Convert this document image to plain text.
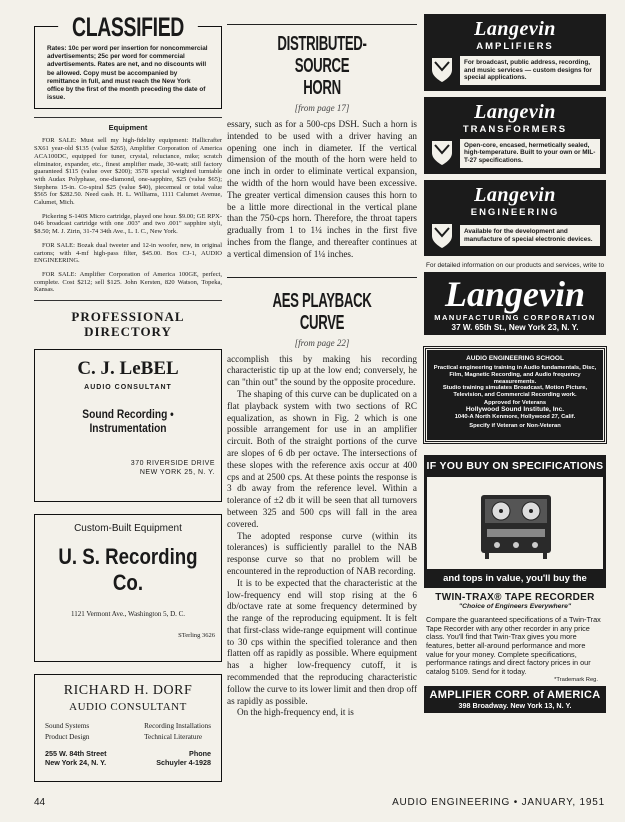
CLASSIFIED
Rates: 10c per word per insertion for noncommercial advertisements; 25c per word for commercial advertisements. Rates are net, and no discounts will be allowed. Copy must be accompanied by remittance in full, and must reach the New York office by the first of the month preceding the date of issue.
Equipment

FOR SALE: Must sell my high-fidelity equipment: Hallicrafter SX61 year-old $135 (value $265), Amplifier Corporation of America ACA100DC, equipped for tuner, crystal, reluctance, mike; scratch eliminator, expander, etc., finest amplifier made, 30-watt; still factory guaranteed $115 (value over $200); 3578 special weighted turntable with Audax Polyphase, one-diamond, one-sapphire, $25 (value $65); Stephens 15-in. Co-spiral $25 (value $40), piecemeal or total value $565 for $282.50. Need cash. H. L. Williams, 1111 Calumet Avenue, Calumet, Mich.

Pickering S-140S Micro cartridge, played one hour. $9.00; GE RPX-046 broadcast cartridge with one .003" and two .001" sapphire styli, $8.50; M. J. Zirin, 31-74 34th Ave., L. I. C., New York.

FOR SALE: Bozak dual tweeter and 12-in woofer, new, in original cartons; with 4-mf high-pass filter, $45.00. Box CJ-1, AUDIO ENGINEERING.

FOR SALE: Amplifier Corporation of America 100GE, perfect, complete. Cost $212; sell $125. John Kersten, 820 Watson, Topeka, Kansas.

PROFESSIONAL
DIRECTORY
C. J. LeBEL
AUDIO CONSULTANT
Sound Recording • Instrumentation
370 RIVERSIDE DRIVE
NEW YORK 25, N. Y.
Custom-Built Equipment
U. S. Recording Co.
1121 Vermont Ave., Washington 5, D. C.
STerling 3626
RICHARD H. DORF
AUDIO CONSULTANT
Sound Systems
Product Design
Recording Installations
Technical Literature
255 W. 84th Street
New York 24, N. Y.
Phone
Schuyler 4-1928
DISTRIBUTED-SOURCE
HORN
[from page 17]

essary, such as for a 500-cps DSH. Such a horn is intended to be used with a driver having an opening one inch in diameter. If the vertical dimension of the mouth of the horn were held to one inch in order to eliminate vertical expansion, the width of the horn would have been excessive. The greater vertical dimension causes this horn to be a little more directional in the vertical plane than the 750-cps horn. Therefore, the throat tapers gradually from 1 to 1¼ inches in the first five inches from the flange, and thereafter continues at a vertical dimension of 1¼ inches.

AES PLAYBACK
CURVE
[from page 22]

accomplish this by making his recording characteristic tip up at the low end; conversely, he can "thin out" the sound by the opposite procedure.

The shaping of this curve can be duplicated on a flat playback system with two sections of RC equalization, as shown in Fig. 2 which is one possible arrangement for use in an amplifier circuit. Both of the straight portions of the curve are slopes of 6 db per octave. The intersections of these slopes with the reference axis occur at 400 cps and at 2500 cps. At these points the response is 3 db away from the reference level. Within a tolerance of ±2 db it will be seen that all turnovers between 325 and 500 cps will fall in the area covered.

The adopted response curve (within its tolerances) is sufficiently parallel to the NAB response curve so that no problem will be encountered in the reproduction of NAB recording.

It is to be expected that the characteristic at the low-frequency end will stop rising at the 6 db/octave rate at some frequency determined by the range of the reproducing equipment. It is felt that first-class wide-range equipment will continue to 30 cps within the specified tolerance and then flatten off as rapidly as possible. Where equipment has a higher low-frequency cutoff, it is recommended that the reproducing characteristic follow the curve to its lower limit and then drop off as rapidly as possible.

On the high-frequency end, it is

Langevin
AMPLIFIERS
For broadcast, public address, recording, and music services — custom designs for special applications.
Langevin
TRANSFORMERS
Open-core, encased, hermetically sealed, high-temperature. Built to your own or MIL-T-27 specifications.
Langevin
ENGINEERING
Available for the development and manufacture of special electronic devices.
For detailed information on our products and services, write to
Langevin
MANUFACTURING CORPORATION
37 W. 65th St., New York 23, N. Y.
AUDIO ENGINEERING SCHOOL
Practical engineering training in Audio fundamentals, Disc, Film, Magnetic Recording, and Audio frequency measurements.
Studio training simulates Broadcast, Motion Picture, Television, and Commercial Recording work.
Approved for Veterans
Hollywood Sound Institute, Inc.
1040-A North Kenmore, Hollywood 27, Calif.
Specify if Veteran or Non-Veteran
IF YOU BUY ON SPECIFICATIONS
and tops in value, you'll buy the
TWIN-TRAX® TAPE RECORDER
"Choice of Engineers Everywhere"
Compare the guaranteed specifications of a Twin-Trax Tape Recorder with any other recorder in any price class. You'll find that Twin-Trax gives you more features, better all-around performance and more value for your money. Complete specifications, performance ratings and direct factory prices in our catalog 5109. Send for it today.
*Trademark Reg.
AMPLIFIER CORP. of AMERICA
398 Broadway. New York 13, N. Y.
44	AUDIO ENGINEERING • JANUARY, 1951
